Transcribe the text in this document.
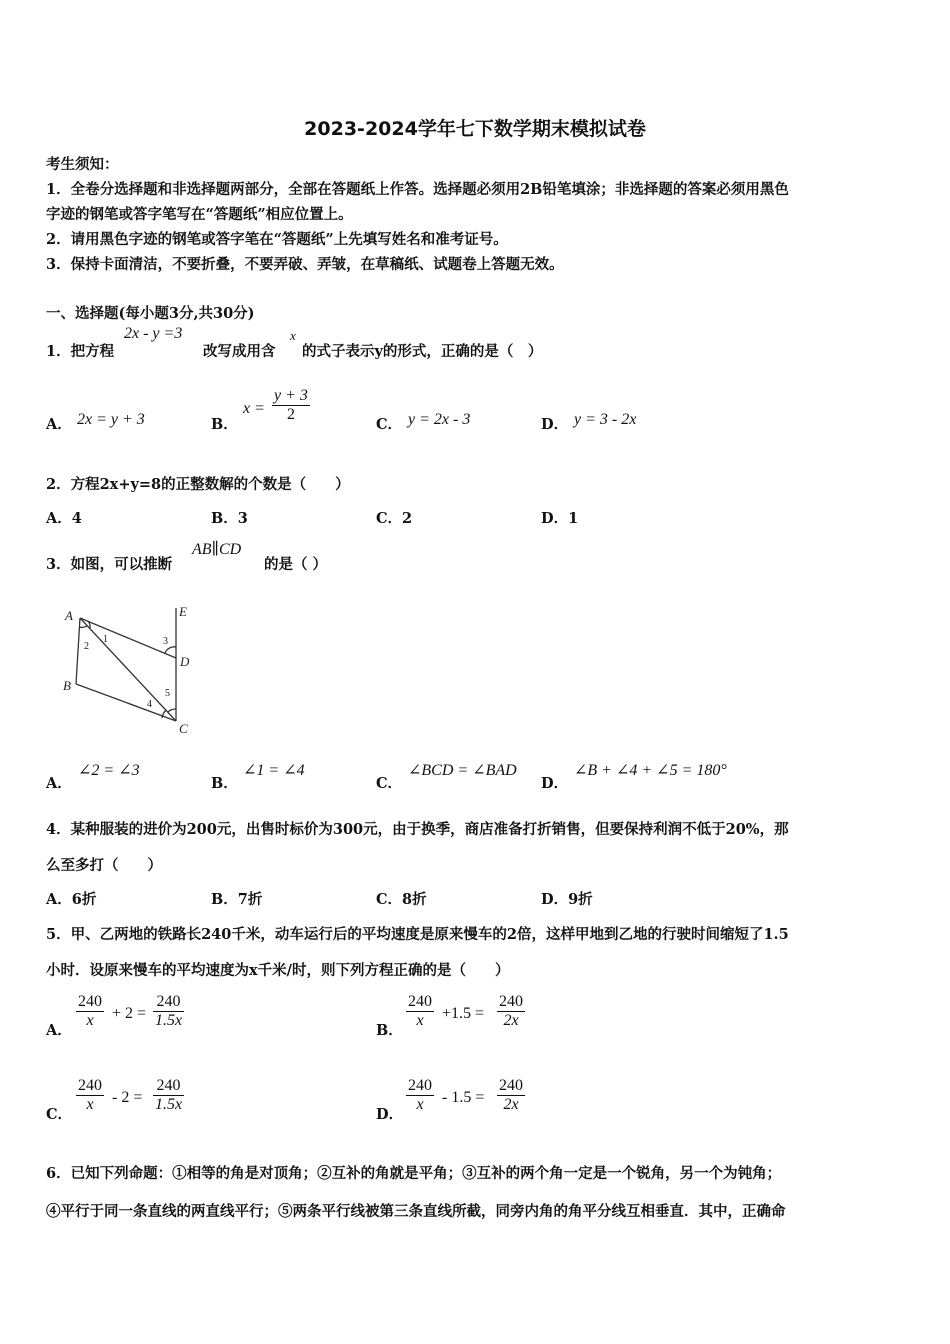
2023-2024学年七下数学期末模拟试卷
考生须知：
1．全卷分选择题和非选择题两部分，全部在答题纸上作答。选择题必须用2B铅笔填涂；非选择题的答案必须用黑色
字迹的钢笔或答字笔写在“答题纸”相应位置上。
2．请用黑色字迹的钢笔或答字笔在“答题纸”上先填写姓名和准考证号。
3．保持卡面清洁，不要折叠，不要弄破、弄皱，在草稿纸、试题卷上答题无效。
一、选择题(每小题3分,共30分)
1．把方程
2x - y =3
改写成用含
x
的式子表示y的形式，正确的是（　）
A． 2x = y + 3	B．
$x = \frac{y + 3}{2}$
C． y = 2x - 3	D． y = 3 - 2x
2．方程2x+y=8的正整数解的个数是（　　）
A．4	B．3	C．2	D．1
3．如图，可以推断
AB∥CD
的是（ ）
A
B
C
D
E
1
2	3
4
5
A．
∠2 = ∠3
B．
∠1 = ∠4
C．
∠BCD = ∠BAD
D．
∠B + ∠4 + ∠5 = 180°
4．某种服装的进价为200元，出售时标价为300元，由于换季，商店准备打折销售，但要保持利润不低于20%，那
么至多打（　　）
A．6折	B．7折	C．8折	D．9折
5．甲、乙两地的铁路长240千米，动车运行后的平均速度是原来慢车的2倍，这样甲地到乙地的行驶时间缩短了1.5
小时．设原来慢车的平均速度为x千米/时，则下列方程正确的是（　　）
A．
$\frac{240}{x} + 2 = \frac{240}{1.5x}$
B．
$\frac{240}{x} +1.5 = \frac{240}{2x}$
C．
$\frac{240}{x} - 2 = \frac{240}{1.5x}$
D．
$\frac{240}{x} - 1.5 = \frac{240}{2x}$
6．已知下列命题：①相等的角是对顶角；②互补的角就是平角；③互补的两个角一定是一个锐角，另一个为钝角；
④平行于同一条直线的两直线平行；⑤两条平行线被第三条直线所截，同旁内角的角平分线互相垂直．其中，正确命
